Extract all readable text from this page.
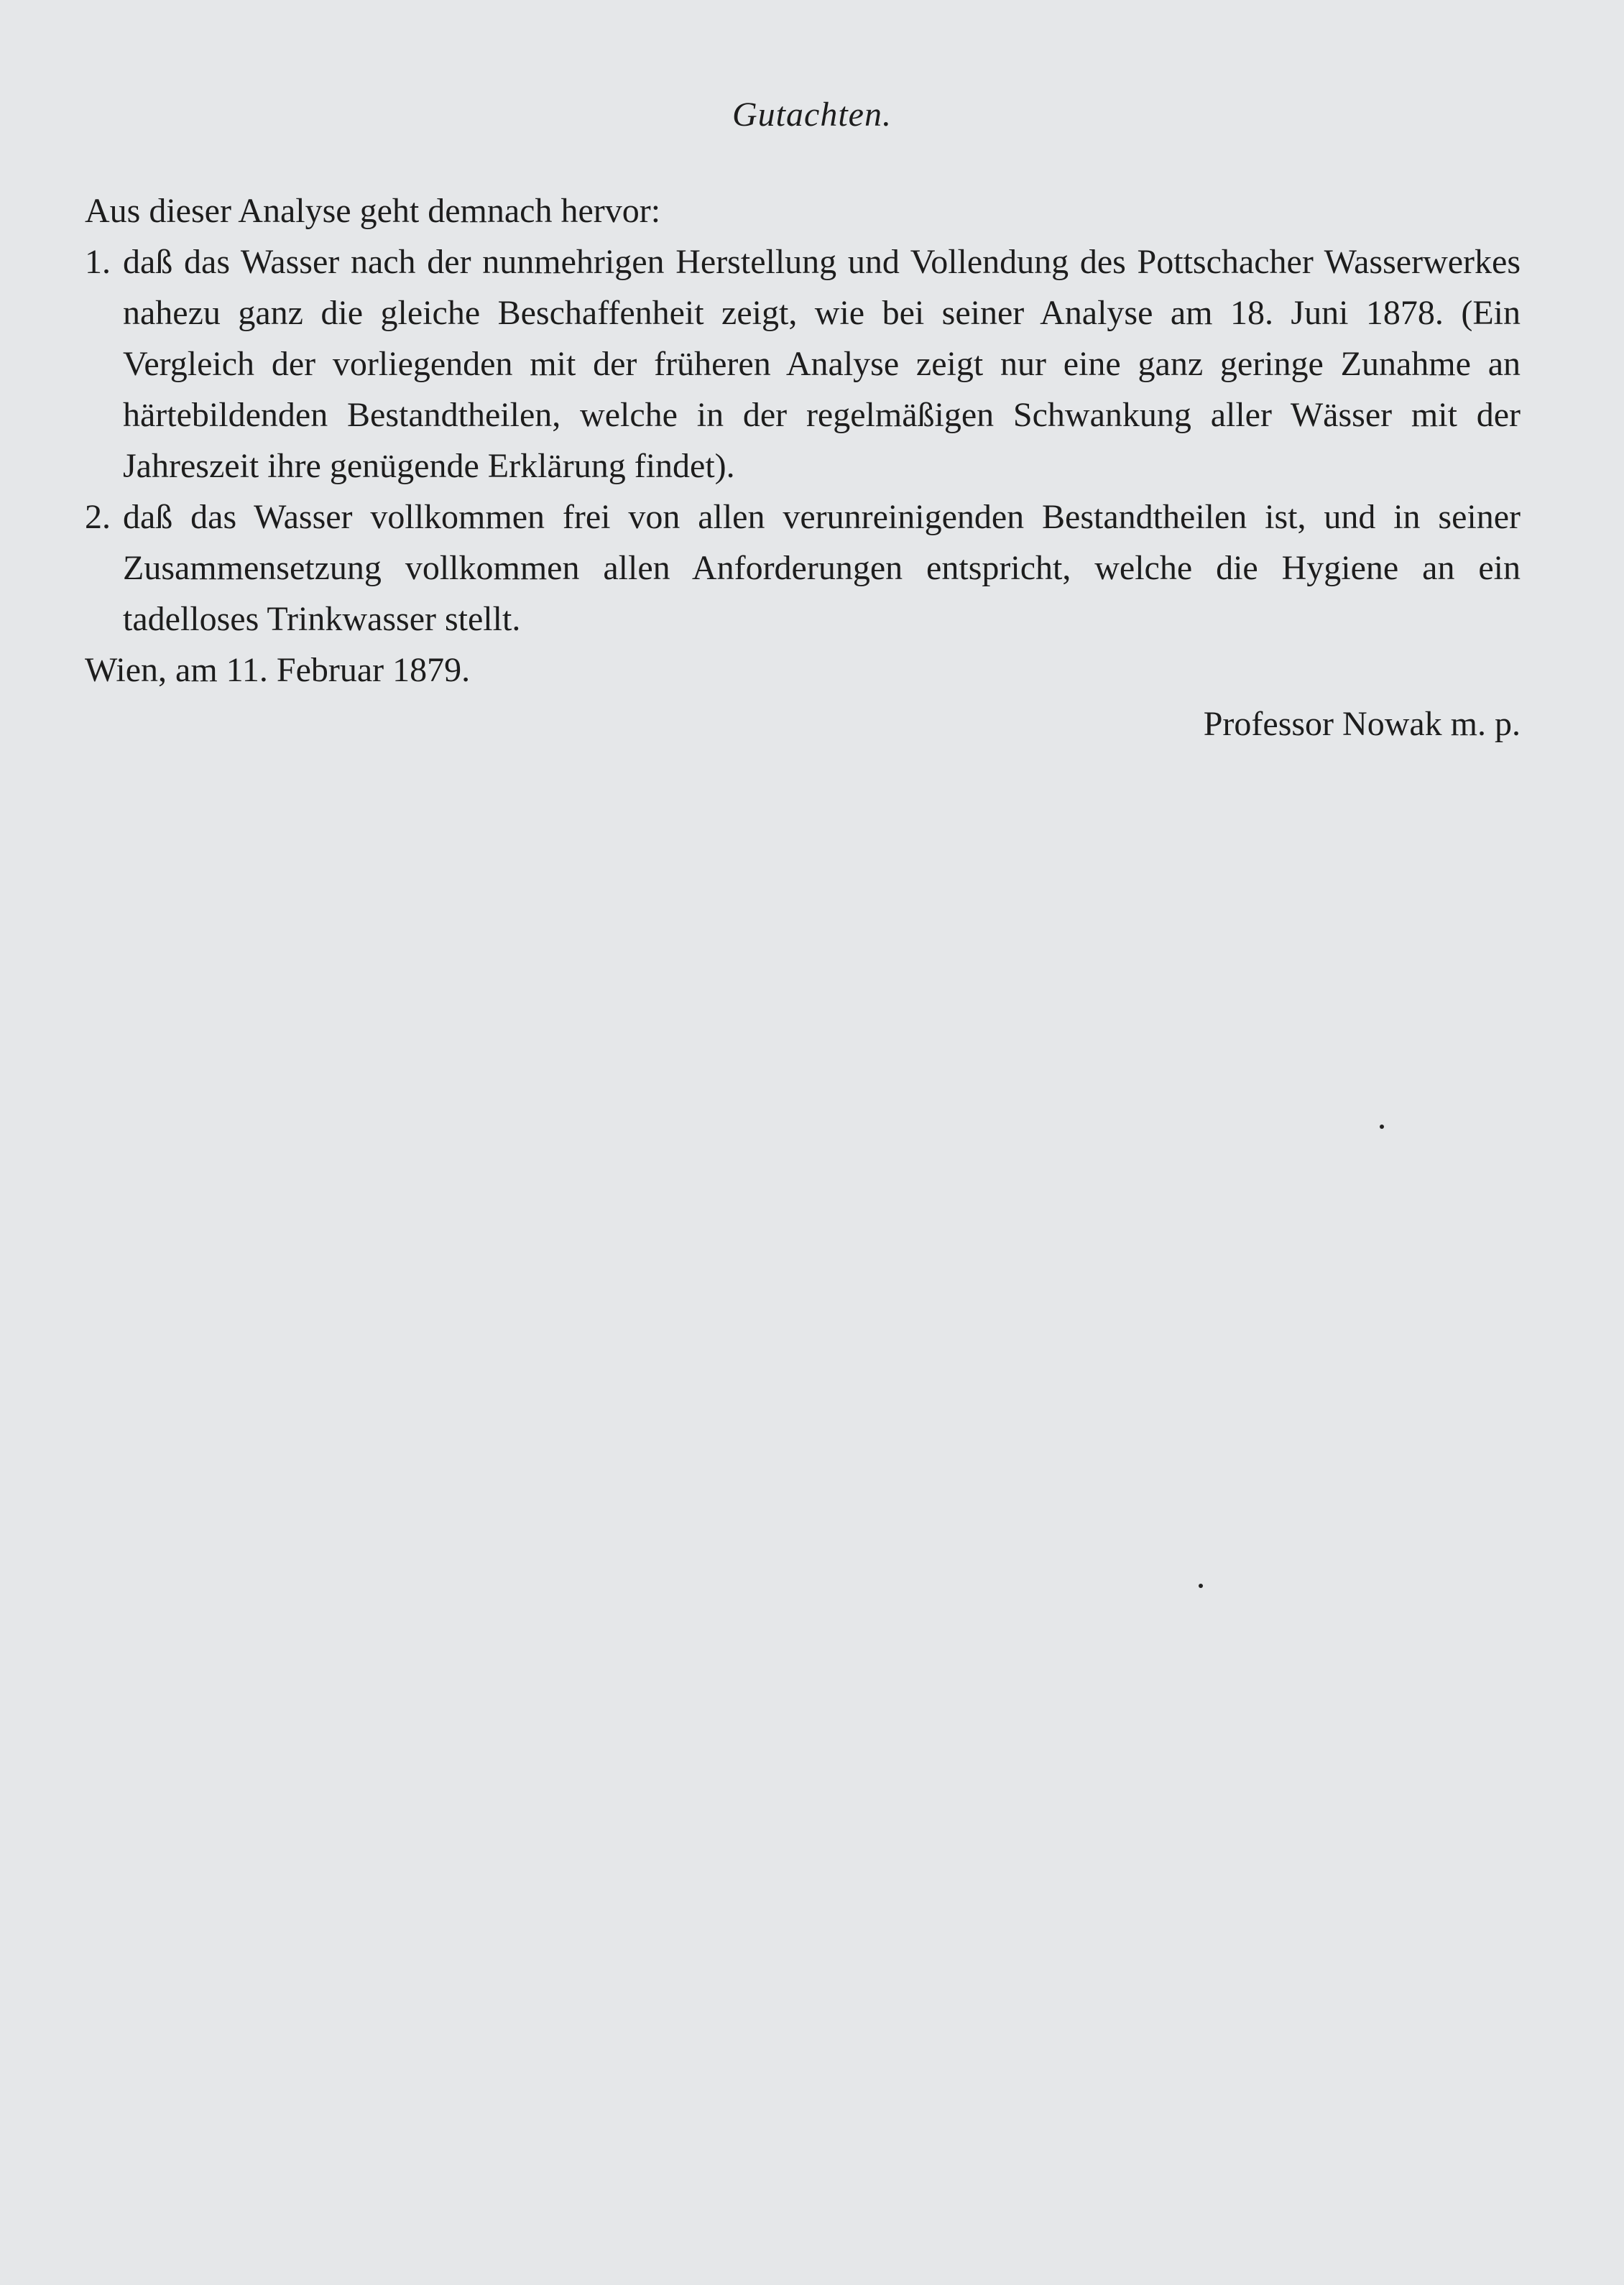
Gutachten.

Aus dieser Analyse geht demnach hervor:

1. daß das Wasser nach der nunmehrigen Herstellung und Vollendung des Pottschacher Wasserwerkes nahezu ganz die gleiche Beschaffenheit zeigt, wie bei seiner Analyse am 18. Juni 1878. (Ein Vergleich der vorliegenden mit der früheren Analyse zeigt nur eine ganz geringe Zunahme an härtebildenden Bestandtheilen, welche in der regelmäßigen Schwankung aller Wässer mit der Jahreszeit ihre genügende Erklärung findet).

2. daß das Wasser vollkommen frei von allen verunreinigenden Bestandtheilen ist, und in seiner Zusammensetzung vollkommen allen Anforderungen entspricht, welche die Hygiene an ein tadelloses Trinkwasser stellt.

Wien, am 11. Februar 1879.

Professor Nowak m. p.
